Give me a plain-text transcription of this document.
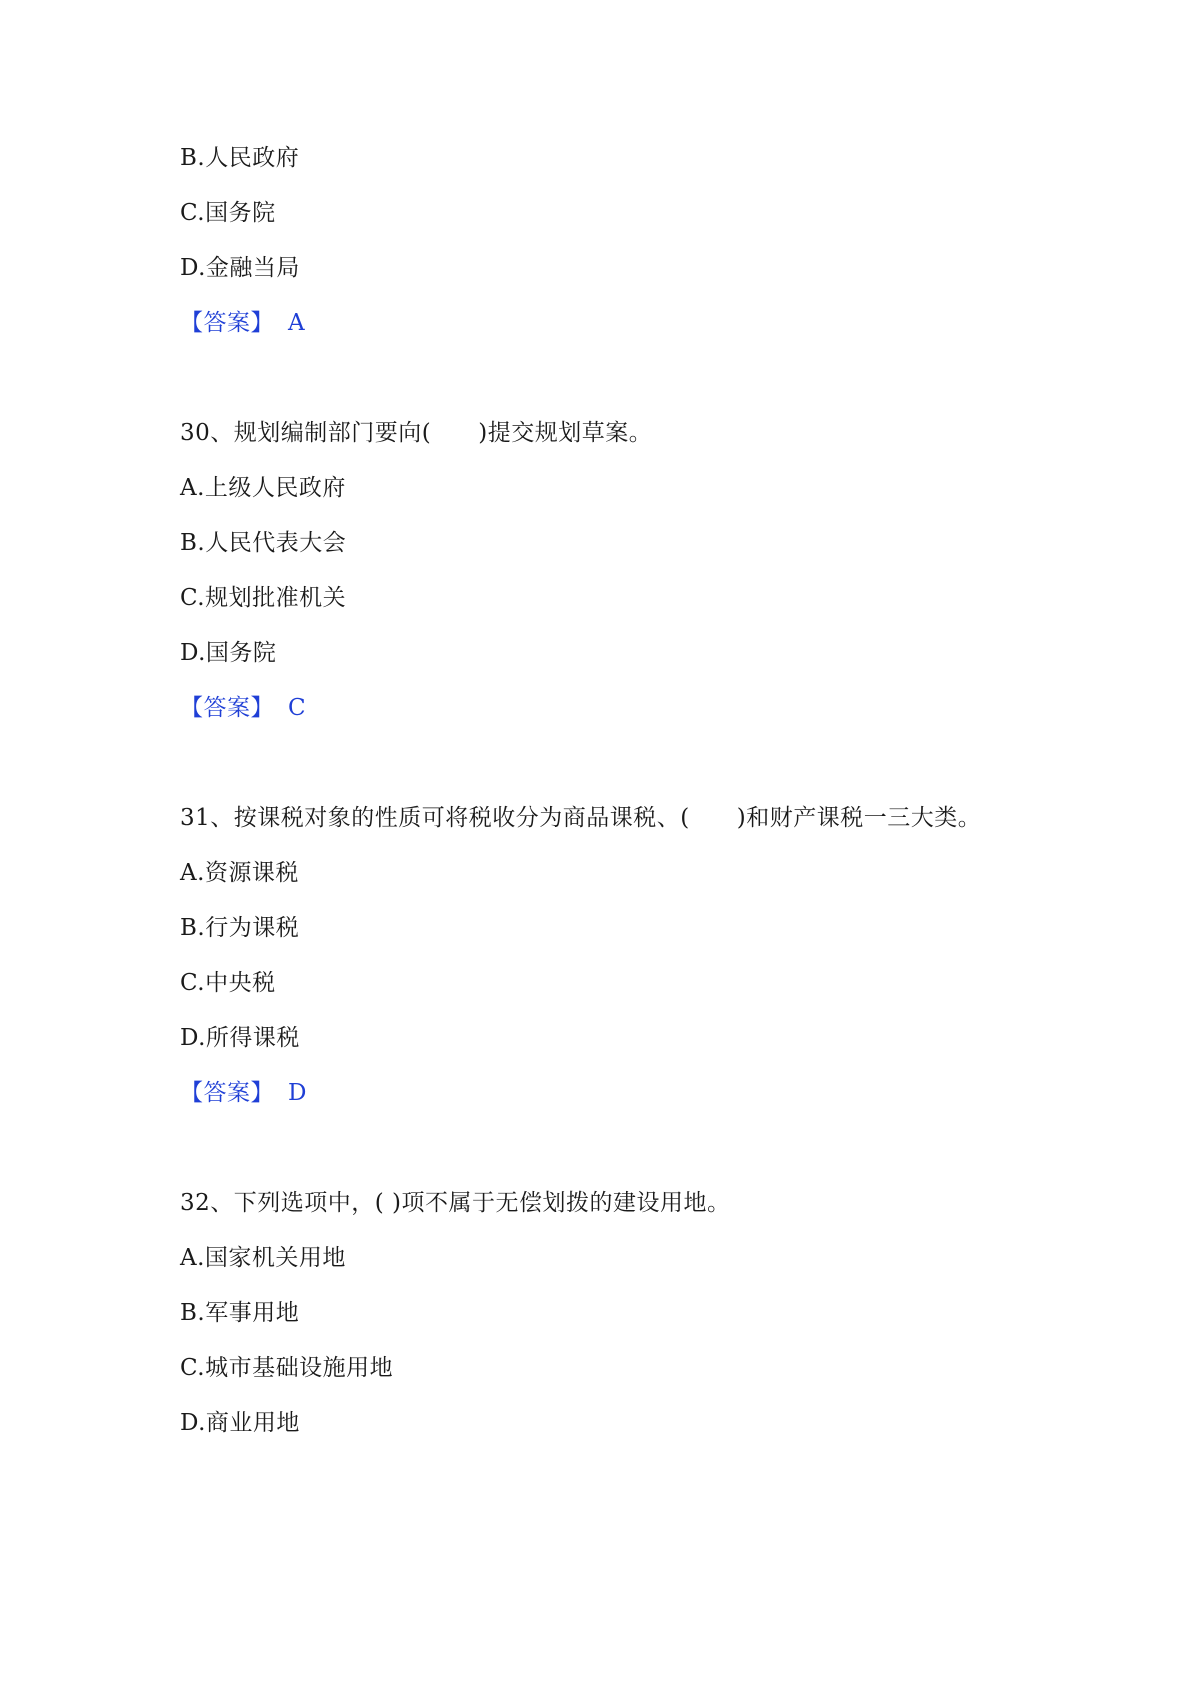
B.人民政府
C.国务院
D.金融当局
【答案】 A
30、规划编制部门要向(　　)提交规划草案。
A.上级人民政府
B.人民代表大会
C.规划批准机关
D.国务院
【答案】 C
31、按课税对象的性质可将税收分为商品课税、(　　)和财产课税一三大类。
A.资源课税
B.行为课税
C.中央税
D.所得课税
【答案】 D
32、下列选项中，( )项不属于无偿划拨的建设用地。
A.国家机关用地
B.军事用地
C.城市基础设施用地
D.商业用地
